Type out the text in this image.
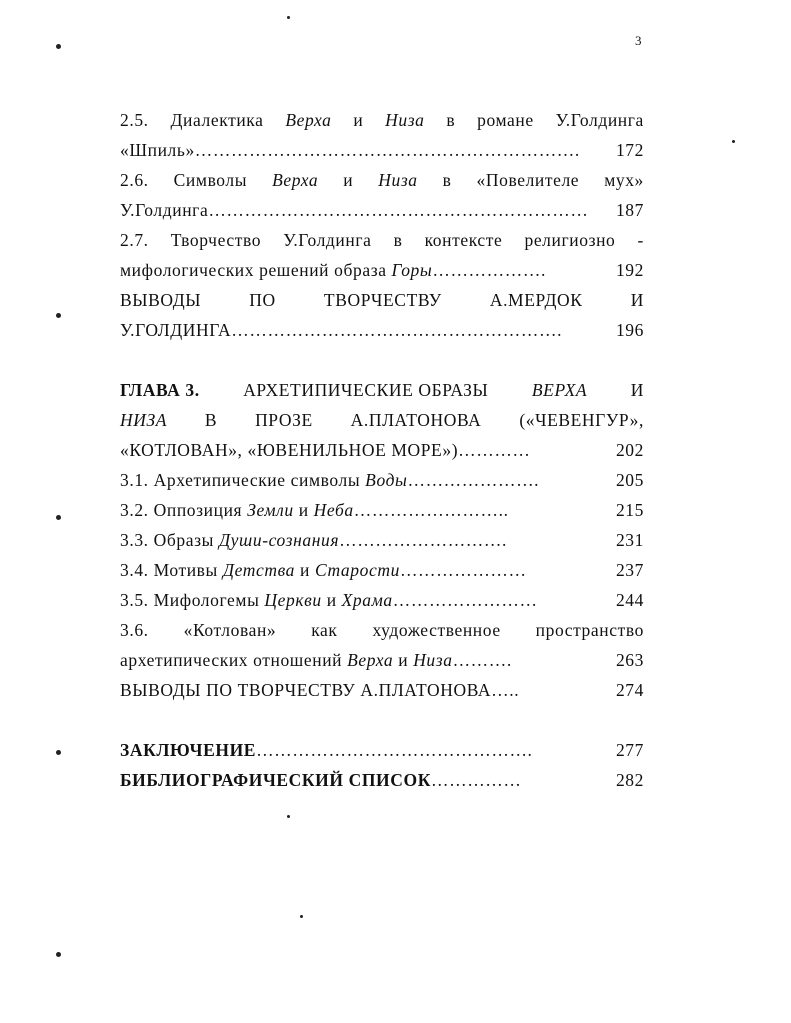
3
2.5. Диалектика Верха и Низа в романе У.Голдинга
«Шпиль»………………………………………………………. 172
2.6. Символы Верха и Низа в «Повелителе мух»
У.Голдинга……………………………………………………… 187
2.7. Творчество У.Голдинга в контексте религиозно -
мифологических решений образа Горы……………….	192
ВЫВОДЫ	ПО	ТВОРЧЕСТВУ	А.МЕРДОК	И
У.ГОЛДИНГА……………………………………………….	196
ГЛАВА 3. АРХЕТИПИЧЕСКИЕ ОБРАЗЫ ВЕРХА И
НИЗА В ПРОЗЕ А.ПЛАТОНОВА («ЧЕВЕНГУР»,
«КОТЛОВАН», «ЮВЕНИЛЬНОЕ МОРЕ»)…………	202
3.1. Архетипические символы Воды………………….	205
3.2. Оппозиция Земли и Неба……………………..	215
3.3. Образы Души-сознания……………………….	231
3.4. Мотивы Детства и Старости…………………	237
3.5. Мифологемы Церкви и Храма……………………	244
3.6. «Котлован» как художественное пространство
архетипических отношений Верха и Низа……….	263
ВЫВОДЫ ПО ТВОРЧЕСТВУ А.ПЛАТОНОВА…..	274
ЗАКЛЮЧЕНИЕ……………………………………….	277
БИБЛИОГРАФИЧЕСКИЙ СПИСОК……………	282
